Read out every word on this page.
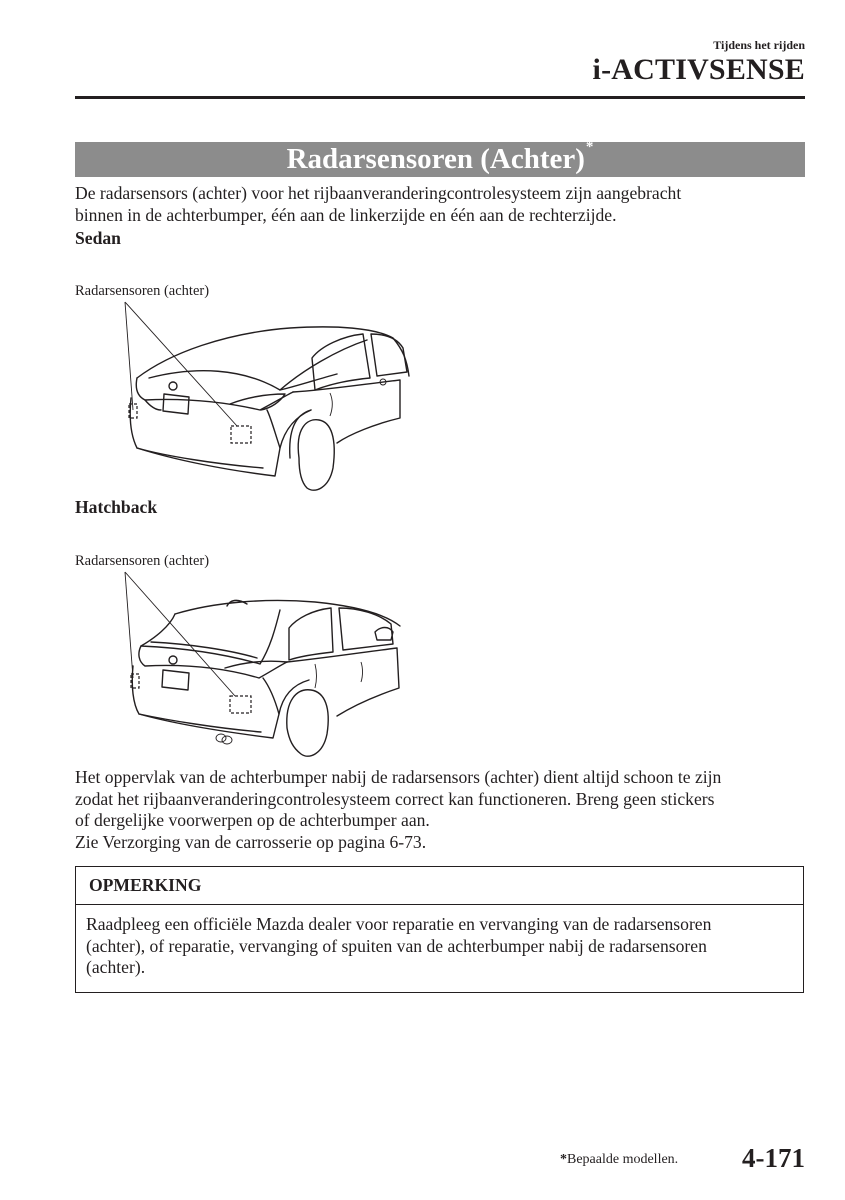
Tijdens het rijden
i-ACTIVSENSE
Radarsensoren (Achter) *

De radarsensors (achter) voor het rijbaanveranderingcontrolesysteem zijn aangebracht
binnen in de achterbumper, één aan de linkerzijde en één aan de rechterzijde.

Sedan
Radarsensoren (achter)
Hatchback
Radarsensoren (achter)

Het oppervlak van de achterbumper nabij de radarsensors (achter) dient altijd schoon te zijn
zodat het rijbaanveranderingcontrolesysteem correct kan functioneren. Breng geen stickers
of dergelijke voorwerpen op de achterbumper aan.
Zie Verzorging van de carrosserie op pagina 6-73.

OPMERKING
Raadpleeg een officiële Mazda dealer voor reparatie en vervanging van de radarsensoren
(achter), of reparatie, vervanging of spuiten van de achterbumper nabij de radarsensoren
(achter).
*Bepaalde modellen.	4-171
